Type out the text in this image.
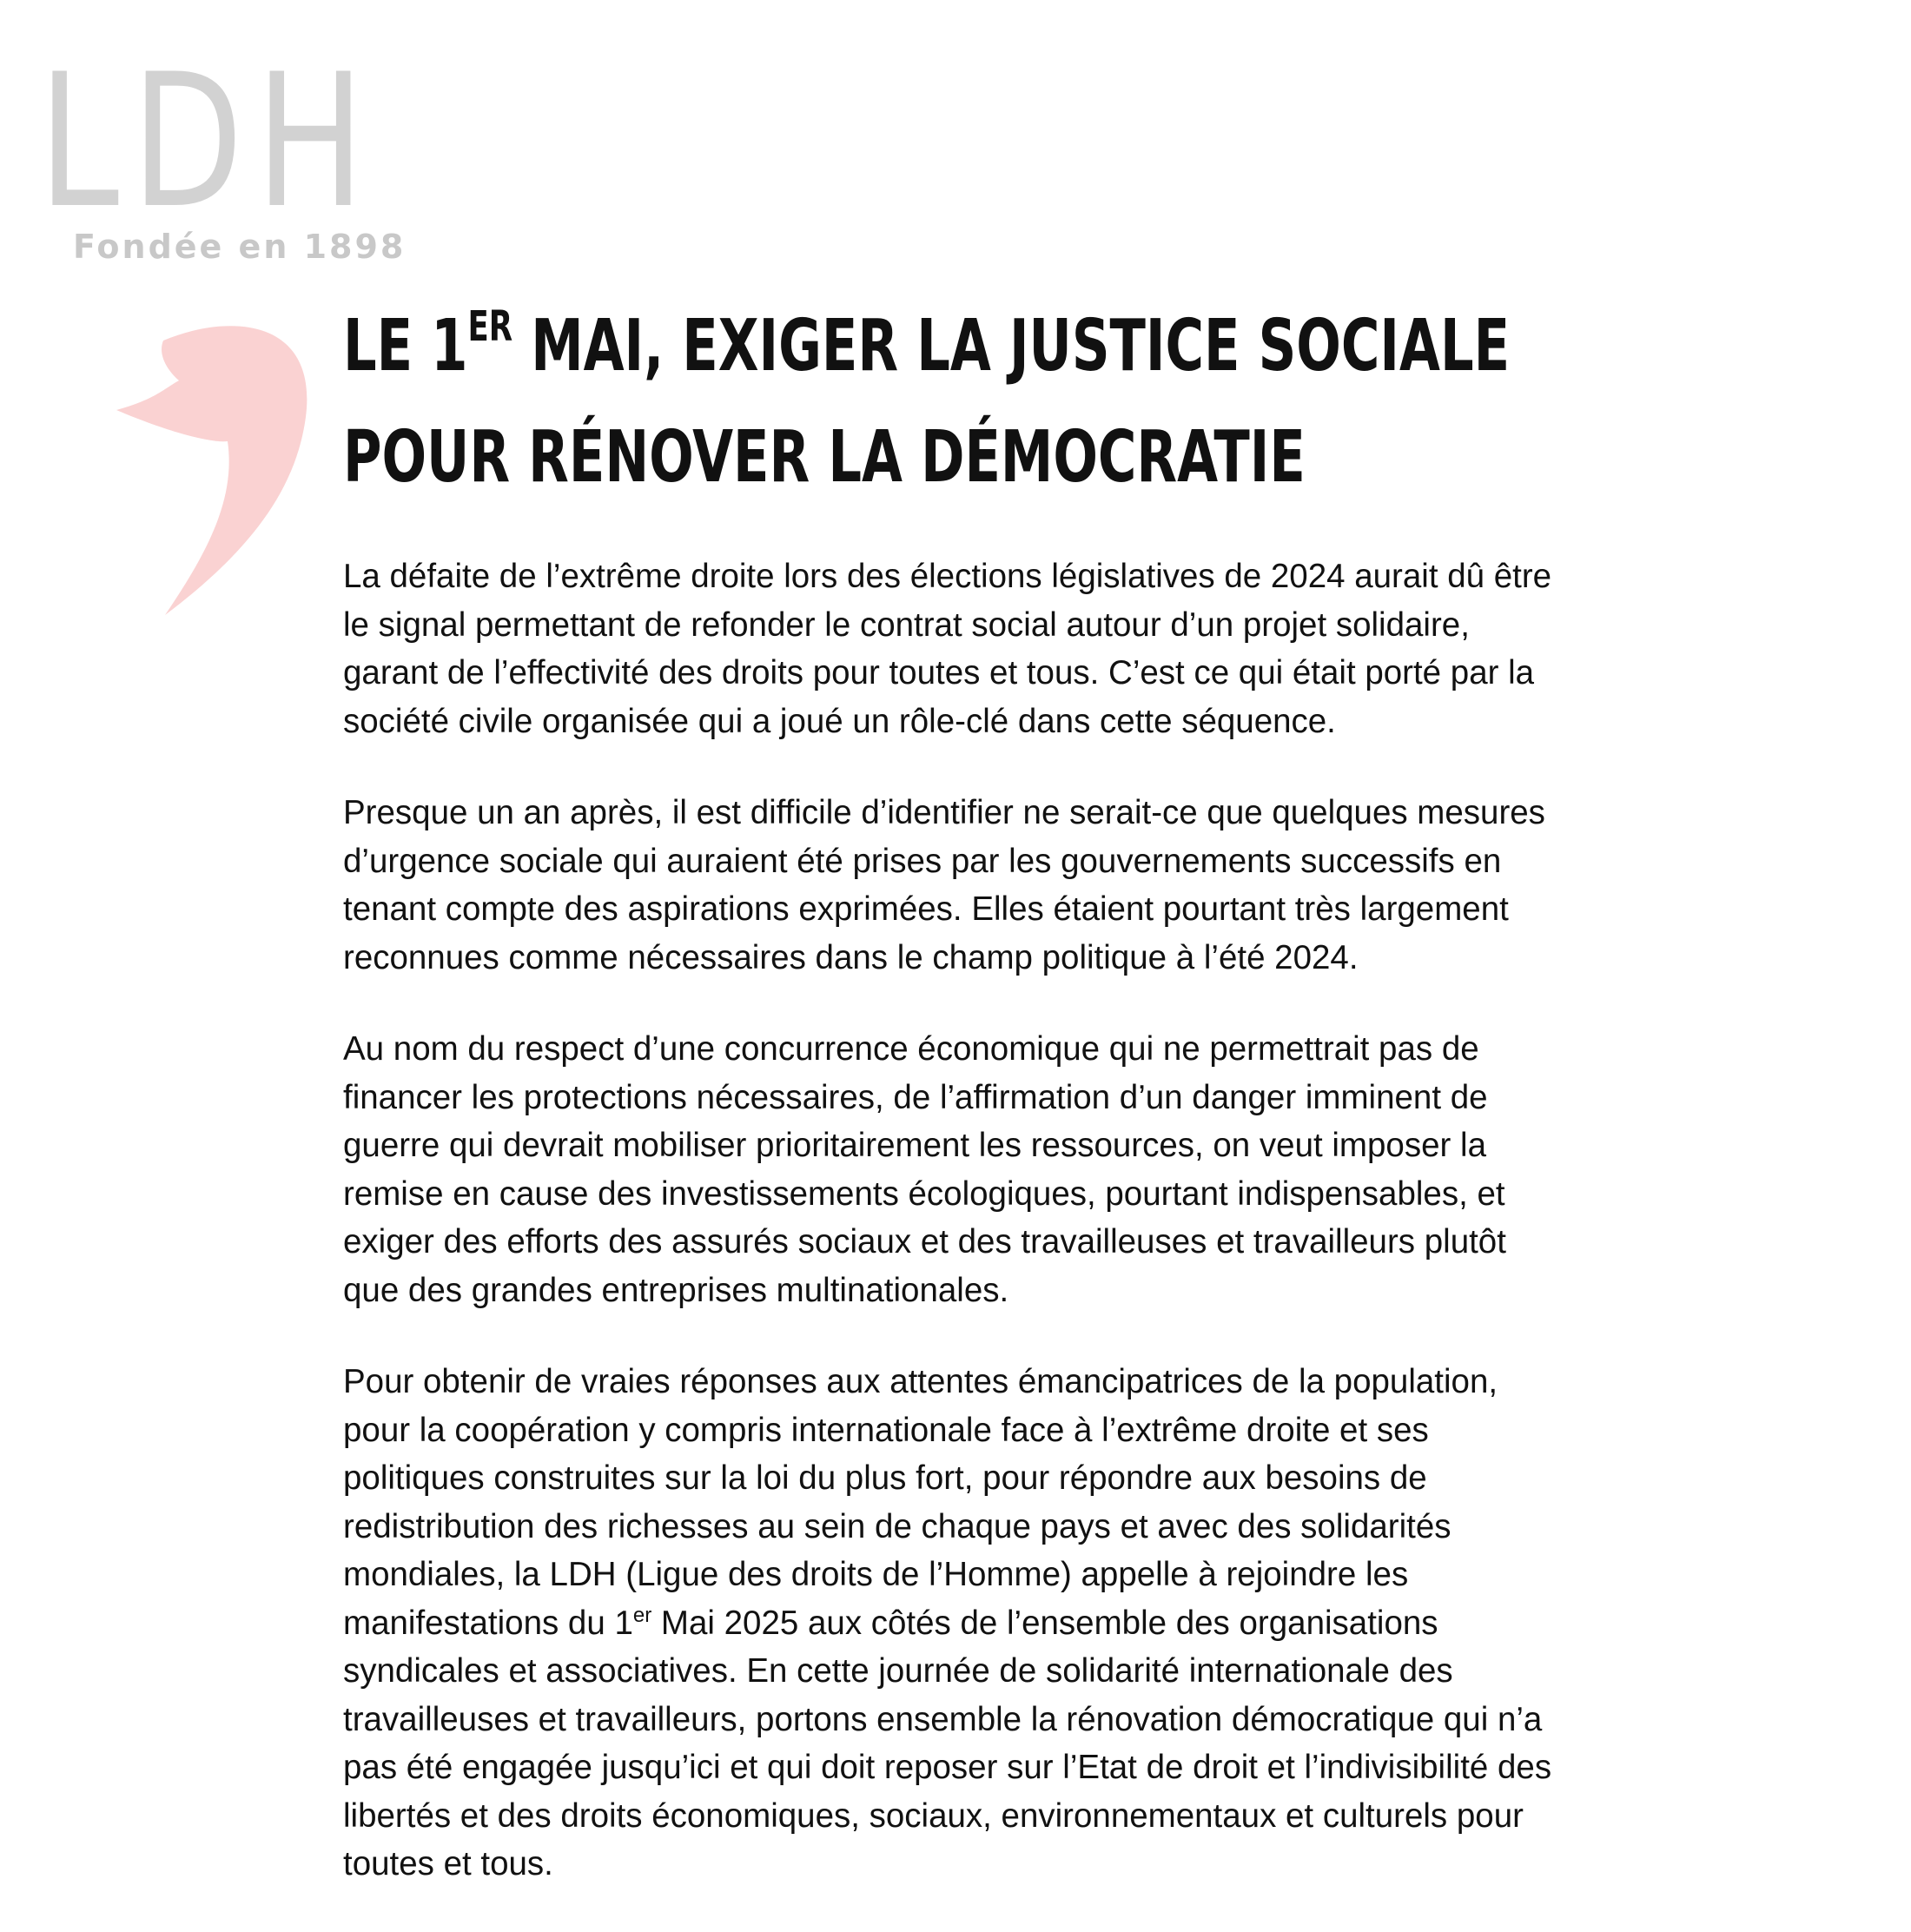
LDH
Fondée en 1898
LE 1ER MAI, EXIGER LA JUSTICE SOCIALE
POUR RÉNOVER LA DÉMOCRATIE

La défaite de l’extrême droite lors des élections législatives de 2024 aurait dû être
le signal permettant de refonder le contrat social autour d’un projet solidaire,
garant de l’effectivité des droits pour toutes et tous. C’est ce qui était porté par la
société civile organisée qui a joué un rôle-clé dans cette séquence.

Presque un an après, il est difficile d’identifier ne serait-ce que quelques mesures
d’urgence sociale qui auraient été prises par les gouvernements successifs en
tenant compte des aspirations exprimées. Elles étaient pourtant très largement
reconnues comme nécessaires dans le champ politique à l’été 2024.

Au nom du respect d’une concurrence économique qui ne permettrait pas de
financer les protections nécessaires, de l’affirmation d’un danger imminent de
guerre qui devrait mobiliser prioritairement les ressources, on veut imposer la
remise en cause des investissements écologiques, pourtant indispensables, et
exiger des efforts des assurés sociaux et des travailleuses et travailleurs plutôt
que des grandes entreprises multinationales.

Pour obtenir de vraies réponses aux attentes émancipatrices de la population,
pour la coopération y compris internationale face à l’extrême droite et ses
politiques construites sur la loi du plus fort, pour répondre aux besoins de
redistribution des richesses au sein de chaque pays et avec des solidarités
mondiales, la LDH (Ligue des droits de l’Homme) appelle à rejoindre les
manifestations du 1er Mai 2025 aux côtés de l’ensemble des organisations
syndicales et associatives. En cette journée de solidarité internationale des
travailleuses et travailleurs, portons ensemble la rénovation démocratique qui n’a
pas été engagée jusqu’ici et qui doit reposer sur l’Etat de droit et l’indivisibilité des
libertés et des droits économiques, sociaux, environnementaux et culturels pour
toutes et tous.
